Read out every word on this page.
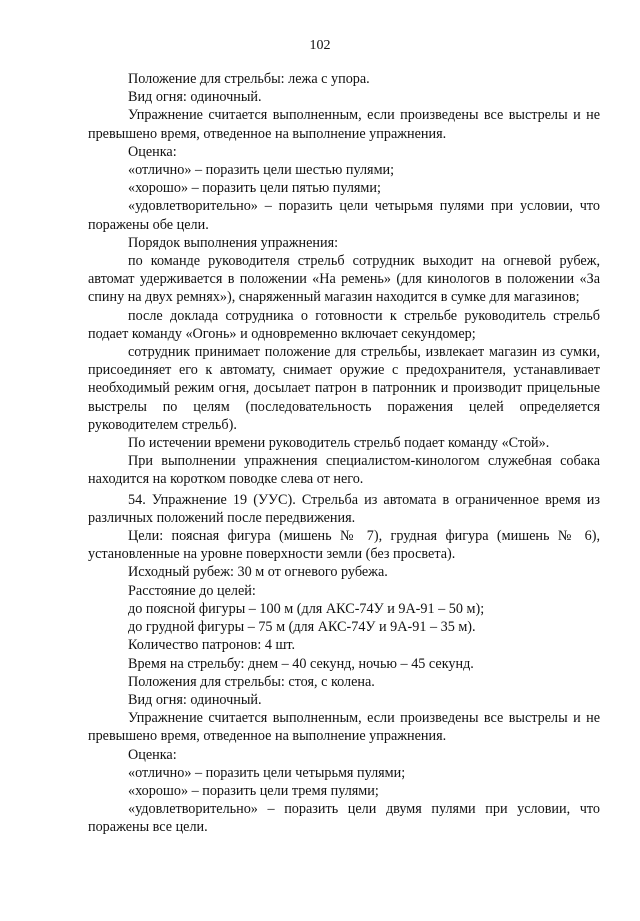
102

Положение для стрельбы: лежа с упора.

Вид огня: одиночный.

Упражнение считается выполненным, если произведены все выстрелы и не превышено время, отведенное на выполнение упражнения.

Оценка:

«отлично» – поразить цели шестью пулями;

«хорошо» – поразить цели пятью пулями;

«удовлетворительно» – поразить цели четырьмя пулями при условии, что поражены обе цели.

Порядок выполнения упражнения:

по команде руководителя стрельб сотрудник выходит на огневой рубеж, автомат удерживается в положении «На ремень» (для кинологов в положении «За спину на двух ремнях»), снаряженный магазин находится в сумке для магазинов;

после доклада сотрудника о готовности к стрельбе руководитель стрельб подает команду «Огонь» и одновременно включает секундомер;

сотрудник принимает положение для стрельбы, извлекает магазин из сумки, присоединяет его к автомату, снимает оружие с предохранителя, устанавливает необходимый режим огня, досылает патрон в патронник и производит прицельные выстрелы по целям (последовательность поражения целей определяется руководителем стрельб).

По истечении времени руководитель стрельб подает команду «Стой».

При выполнении упражнения специалистом-кинологом служебная собака находится на коротком поводке слева от него.

54. Упражнение 19 (УУС). Стрельба из автомата в ограниченное время из различных положений после передвижения.

Цели: поясная фигура (мишень № 7), грудная фигура (мишень № 6), установленные на уровне поверхности земли (без просвета).

Исходный рубеж: 30 м от огневого рубежа.

Расстояние до целей:

до поясной фигуры – 100 м (для АКС-74У и 9А-91 – 50 м);

до грудной фигуры – 75 м (для АКС-74У и 9А-91 – 35 м).

Количество патронов: 4 шт.

Время на стрельбу: днем – 40 секунд, ночью – 45 секунд.

Положения для стрельбы: стоя, с колена.

Вид огня: одиночный.

Упражнение считается выполненным, если произведены все выстрелы и не превышено время, отведенное на выполнение упражнения.

Оценка:

«отлично» – поразить цели четырьмя пулями;

«хорошо» – поразить цели тремя пулями;

«удовлетворительно» – поразить цели двумя пулями при условии, что поражены все цели.
